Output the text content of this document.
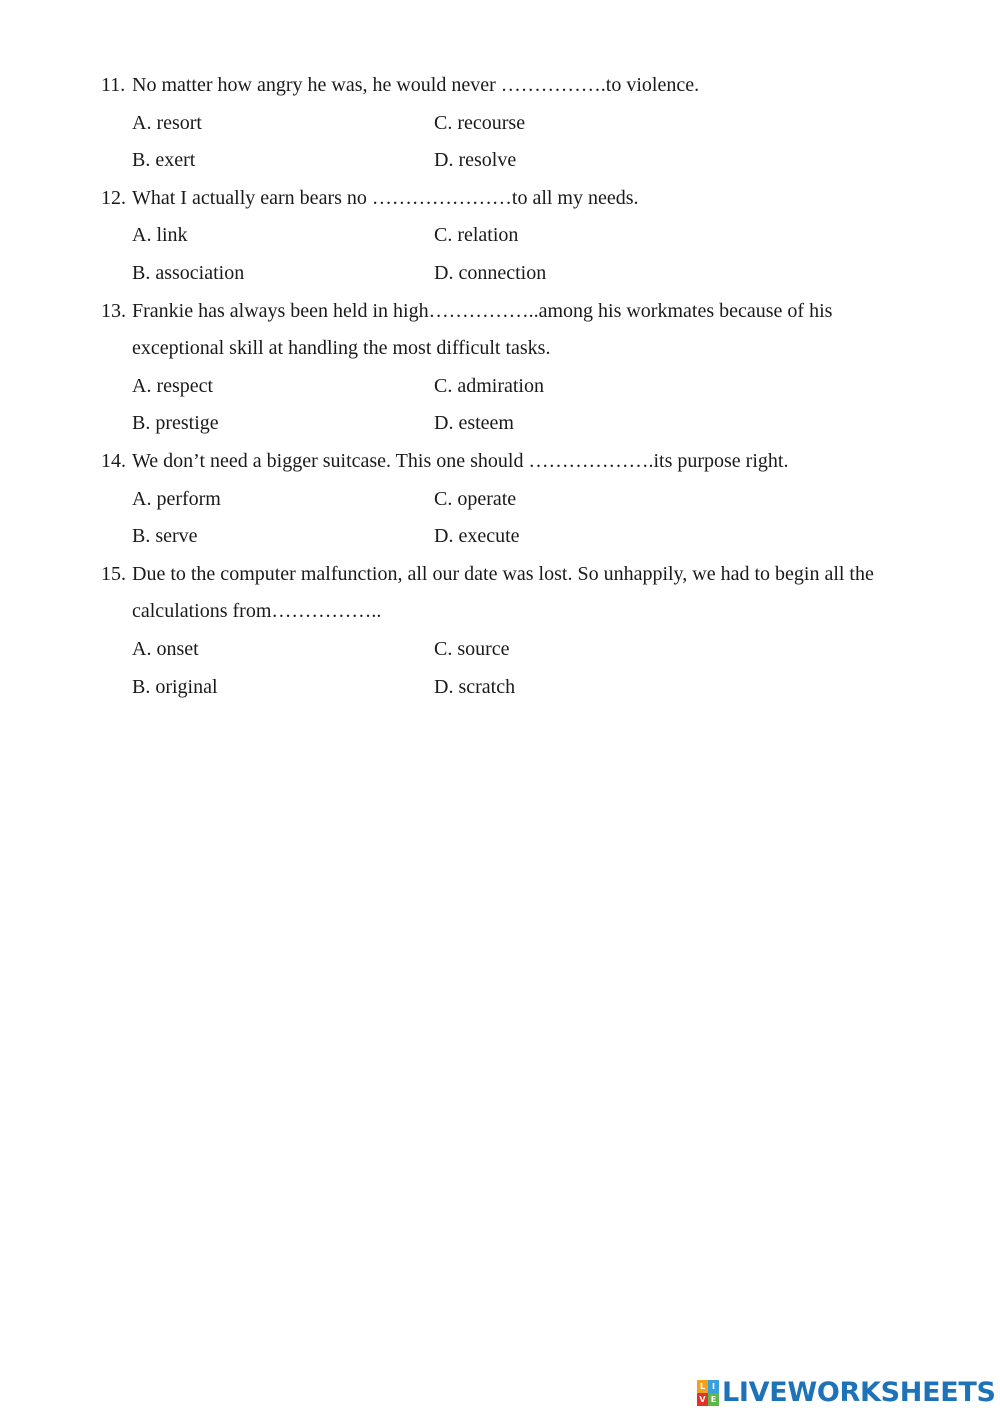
11. No matter how angry he was, he would never …………….to violence.
A. resort	C. recourse
B. exert	D. resolve
12. What I actually earn bears no …………………to all my needs.
A. link	C. relation
B. association	D. connection
13. Frankie has always been held in high……………..among his workmates because of his exceptional skill at handling the most difficult tasks.
A. respect	C. admiration
B. prestige	D. esteem
14. We don’t need a bigger suitcase. This one should ……………….its purpose right.
A. perform	C. operate
B. serve	D. execute
15. Due to the computer malfunction, all our date was lost. So unhappily, we had to begin all the calculations from……………..
A. onset	C. source
B. original	D. scratch
L I
V E LIVEWORKSHEETS
